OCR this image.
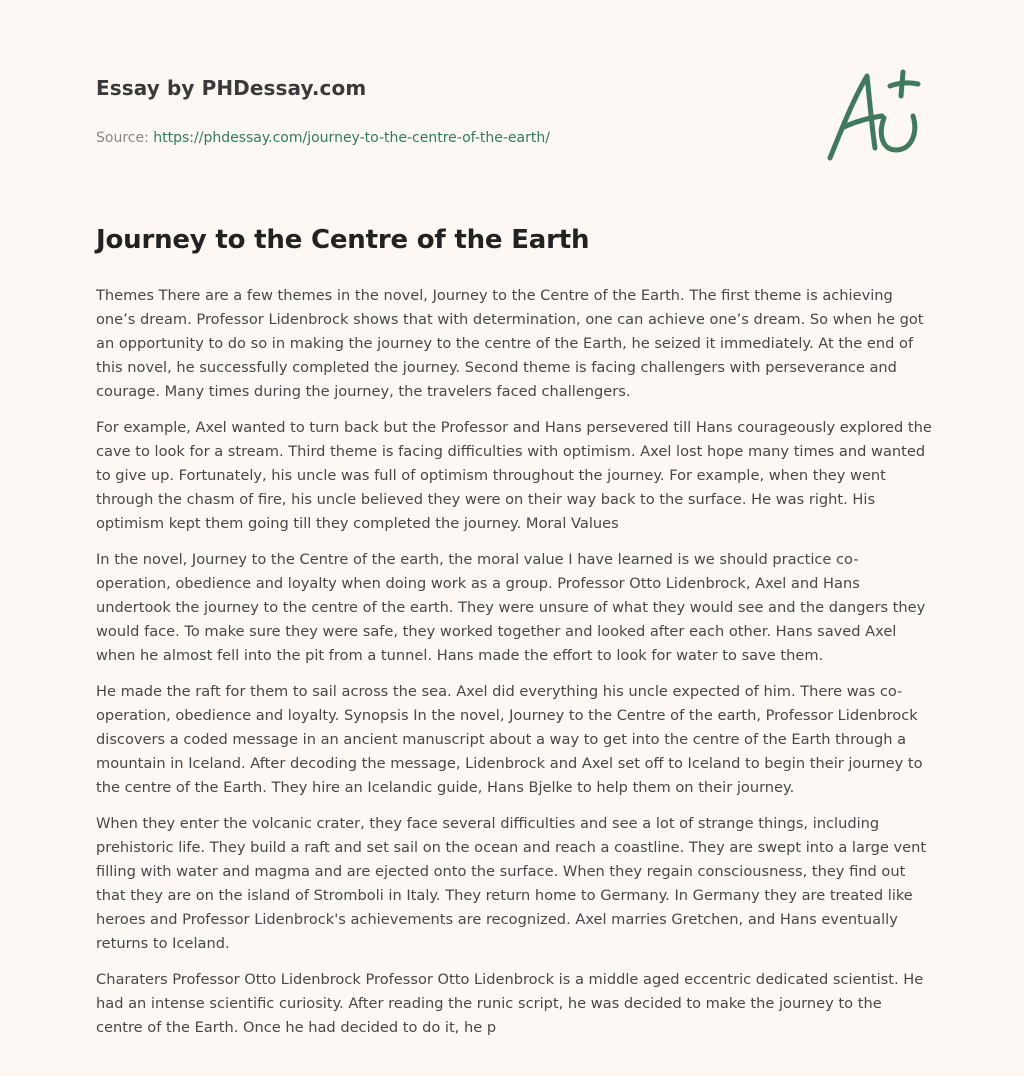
Essay by PHDessay.com
Source: https://phdessay.com/journey-to-the-centre-of-the-earth/
Journey to the Centre of the Earth

Themes There are a few themes in the novel, Journey to the Centre of the Earth. The first theme is achieving one’s dream. Professor Lidenbrock shows that with determination, one can achieve one’s dream. So when he got an opportunity to do so in making the journey to the centre of the Earth, he seized it immediately. At the end of this novel, he successfully completed the journey. Second theme is facing challengers with perseverance and courage. Many times during the journey, the travelers faced challengers.

For example, Axel wanted to turn back but the Professor and Hans persevered till Hans courageously explored the cave to look for a stream. Third theme is facing difficulties with optimism. Axel lost hope many times and wanted to give up. Fortunately, his uncle was full of optimism throughout the journey. For example, when they went through the chasm of fire, his uncle believed they were on their way back to the surface. He was right. His optimism kept them going till they completed the journey. Moral Values

In the novel, Journey to the Centre of the earth, the moral value I have learned is we should practice co-operation, obedience and loyalty when doing work as a group. Professor Otto Lidenbrock, Axel and Hans undertook the journey to the centre of the earth. They were unsure of what they would see and the dangers they would face. To make sure they were safe, they worked together and looked after each other. Hans saved Axel when he almost fell into the pit from a tunnel. Hans made the effort to look for water to save them.

He made the raft for them to sail across the sea. Axel did everything his uncle expected of him. There was co-operation, obedience and loyalty. Synopsis In the novel, Journey to the Centre of the earth, Professor Lidenbrock discovers a coded message in an ancient manuscript about a way to get into the centre of the Earth through a mountain in Iceland. After decoding the message, Lidenbrock and Axel set off to Iceland to begin their journey to the centre of the Earth. They hire an Icelandic guide, Hans Bjelke to help them on their journey.

When they enter the volcanic crater, they face several difficulties and see a lot of strange things, including prehistoric life. They build a raft and set sail on the ocean and reach a coastline. They are swept into a large vent filling with water and magma and are ejected onto the surface. When they regain consciousness, they find out that they are on the island of Stromboli in Italy. They return home to Germany. In Germany they are treated like heroes and Professor Lidenbrock's achievements are recognized. Axel marries Gretchen, and Hans eventually returns to Iceland.

Charaters Professor Otto Lidenbrock Professor Otto Lidenbrock is a middle aged eccentric dedicated scientist. He had an intense scientific curiosity. After reading the runic script, he was decided to make the journey to the centre of the Earth. Once he had decided to do it, he p
